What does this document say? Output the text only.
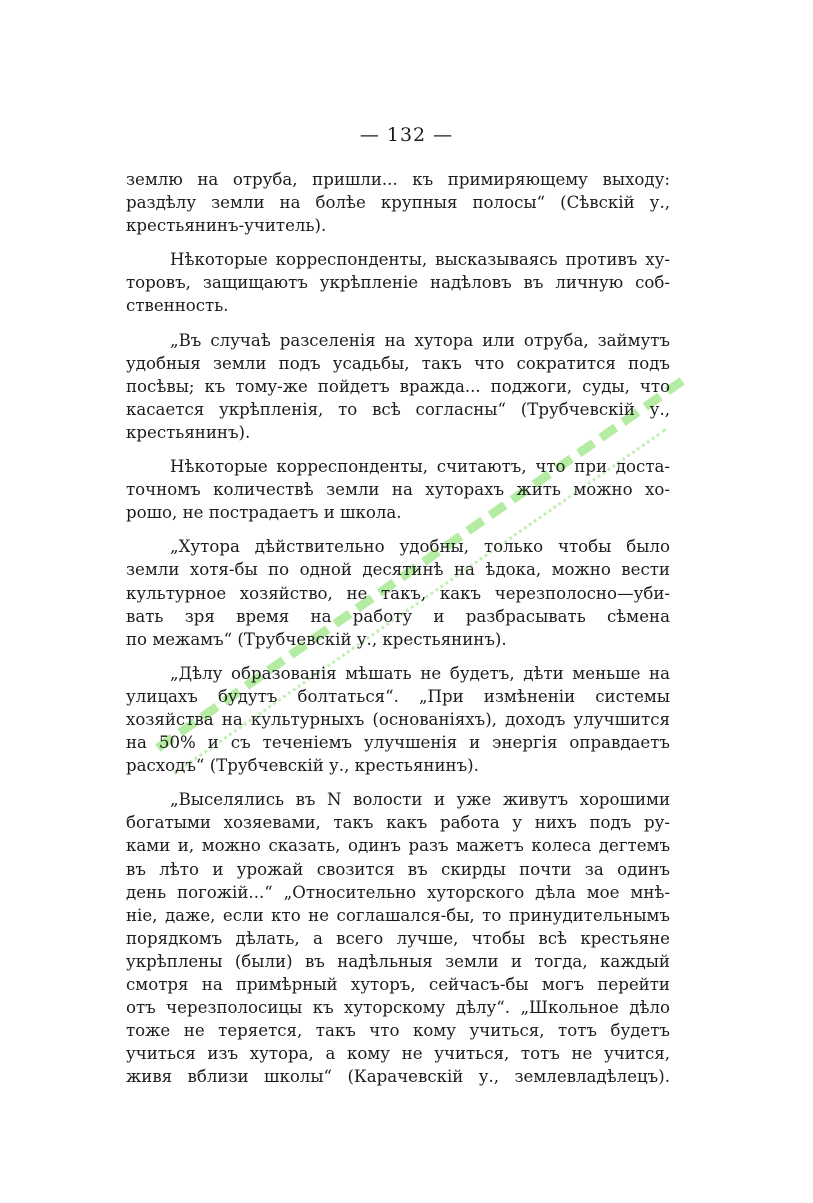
— 132 —
землю на отруба, пришли... къ примиряющему выходу:
раздѣлу земли на болѣе крупныя полосы“ (Сѣвскій у.,
крестьянинъ-учитель).
Нѣкоторые корреспонденты, высказываясь противъ ху-
торовъ, защищаютъ укрѣпленіе надѣловъ въ личную соб-
ственность.
„Въ случаѣ разселенія на хутора или отруба, займутъ
удобныя земли подъ усадьбы, такъ что сократится подъ
посѣвы; къ тому-же пойдетъ вражда... поджоги, суды, что
касается укрѣпленія, то всѣ согласны“ (Трубчевскій у.,
крестьянинъ).
Нѣкоторые корреспонденты, считаютъ, что при доста-
точномъ количествѣ земли на хуторахъ жить можно хо-
рошо, не пострадаетъ и школа.
„Хутора дѣйствительно удобны, только чтобы было
земли хотя-бы по одной десятинѣ на ѣдока, можно вести
культурное хозяйство, не такъ, какъ черезполосно—уби-
вать зря время на работу и разбрасывать сѣмена
по межамъ“ (Трубчевскій у., крестьянинъ).
„Дѣлу образованія мѣшать не будетъ, дѣти меньше на
улицахъ будутъ болтаться“. „При измѣненіи системы
хозяйства на культурныхъ (основаніяхъ), доходъ улучшится
на 50% и съ теченіемъ улучшенія и энергія оправдаетъ
расходъ“ (Трубчевскій у., крестьянинъ).
„Выселялись въ N волости и уже живутъ хорошими
богатыми хозяевами, такъ какъ работа у нихъ подъ ру-
ками и, можно сказать, одинъ разъ мажетъ колеса дегтемъ
въ лѣто и урожай свозится въ скирды почти за одинъ
день погожій...“ „Относительно хуторского дѣла мое мнѣ-
ніе, даже, если кто не соглашался-бы, то принудительнымъ
порядкомъ дѣлать, а всего лучше, чтобы всѣ крестьяне
укрѣплены (были) въ надѣльныя земли и тогда, каждый
смотря на примѣрный хуторъ, сейчасъ-бы могъ перейти
отъ черезполосицы къ хуторскому дѣлу“. „Школьное дѣло
тоже не теряется, такъ что кому учиться, тотъ будетъ
учиться изъ хутора, а кому не учиться, тотъ не учится,
живя вблизи школы“ (Карачевскій у., землевладѣлецъ).
